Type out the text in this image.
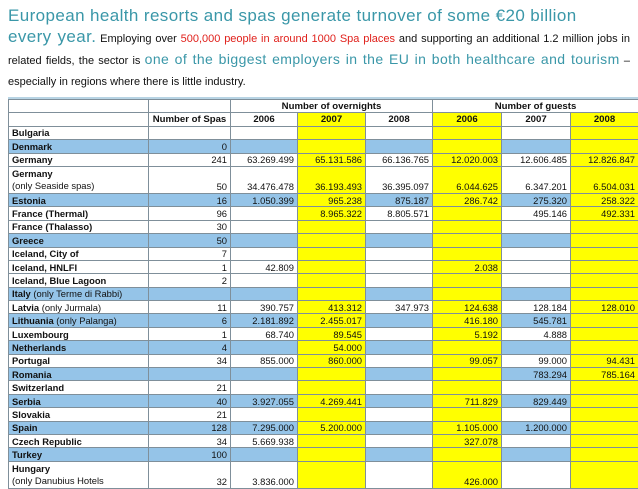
European health resorts and spas generate turnover of some €20 billion
every year. Employing over 500,000 people in around 1000 Spa places and supporting an additional 1.2 million jobs in related fields, the sector is one of the biggest employers in the EU in both healthcare and tourism – especially in regions where there is little industry.
		Number of overnights			Number of guests		
	Number of Spas	2006	2007	2008	2006	2007	2008
Bulgaria							
Denmark	0						
Germany	241	63.269.499	65.131.586	66.136.765	12.020.003	12.606.485	12.826.847
Germany
(only Seaside spas)	50	34.476.478	36.193.493	36.395.097	6.044.625	6.347.201	6.504.031
Estonia	16	1.050.399	965.238	875.187	286.742	275.320	258.322
France (Thermal)	96		8.965.322	8.805.571		495.146	492.331
France (Thalasso)	30						
Greece	50						
Iceland, City of	7						
Iceland, HNLFI	1	42.809			2.038		
Iceland, Blue Lagoon	2						
Italy (only Terme di Rabbi)							
Latvia (only Jurmala)	11	390.757	413.312	347.973	124.638	128.184	128.010
Lithuania (only Palanga)	6	2.181.892	2.455.017		416.180	545.781	
Luxembourg	1	68.740	89.545		5.192	4.888	
Netherlands	4		54.000				
Portugal	34	855.000	860.000		99.057	99.000	94.431
Romania						783.294	785.164
Switzerland	21						
Serbia	40	3.927.055	4.269.441		711.829	829.449	
Slovakia	21						
Spain	128	7.295.000	5.200.000		1.105.000	1.200.000	
Czech Republic	34	5.669.938			327.078		
Turkey	100						
Hungary
(only Danubius Hotels	32	3.836.000			426.000		
